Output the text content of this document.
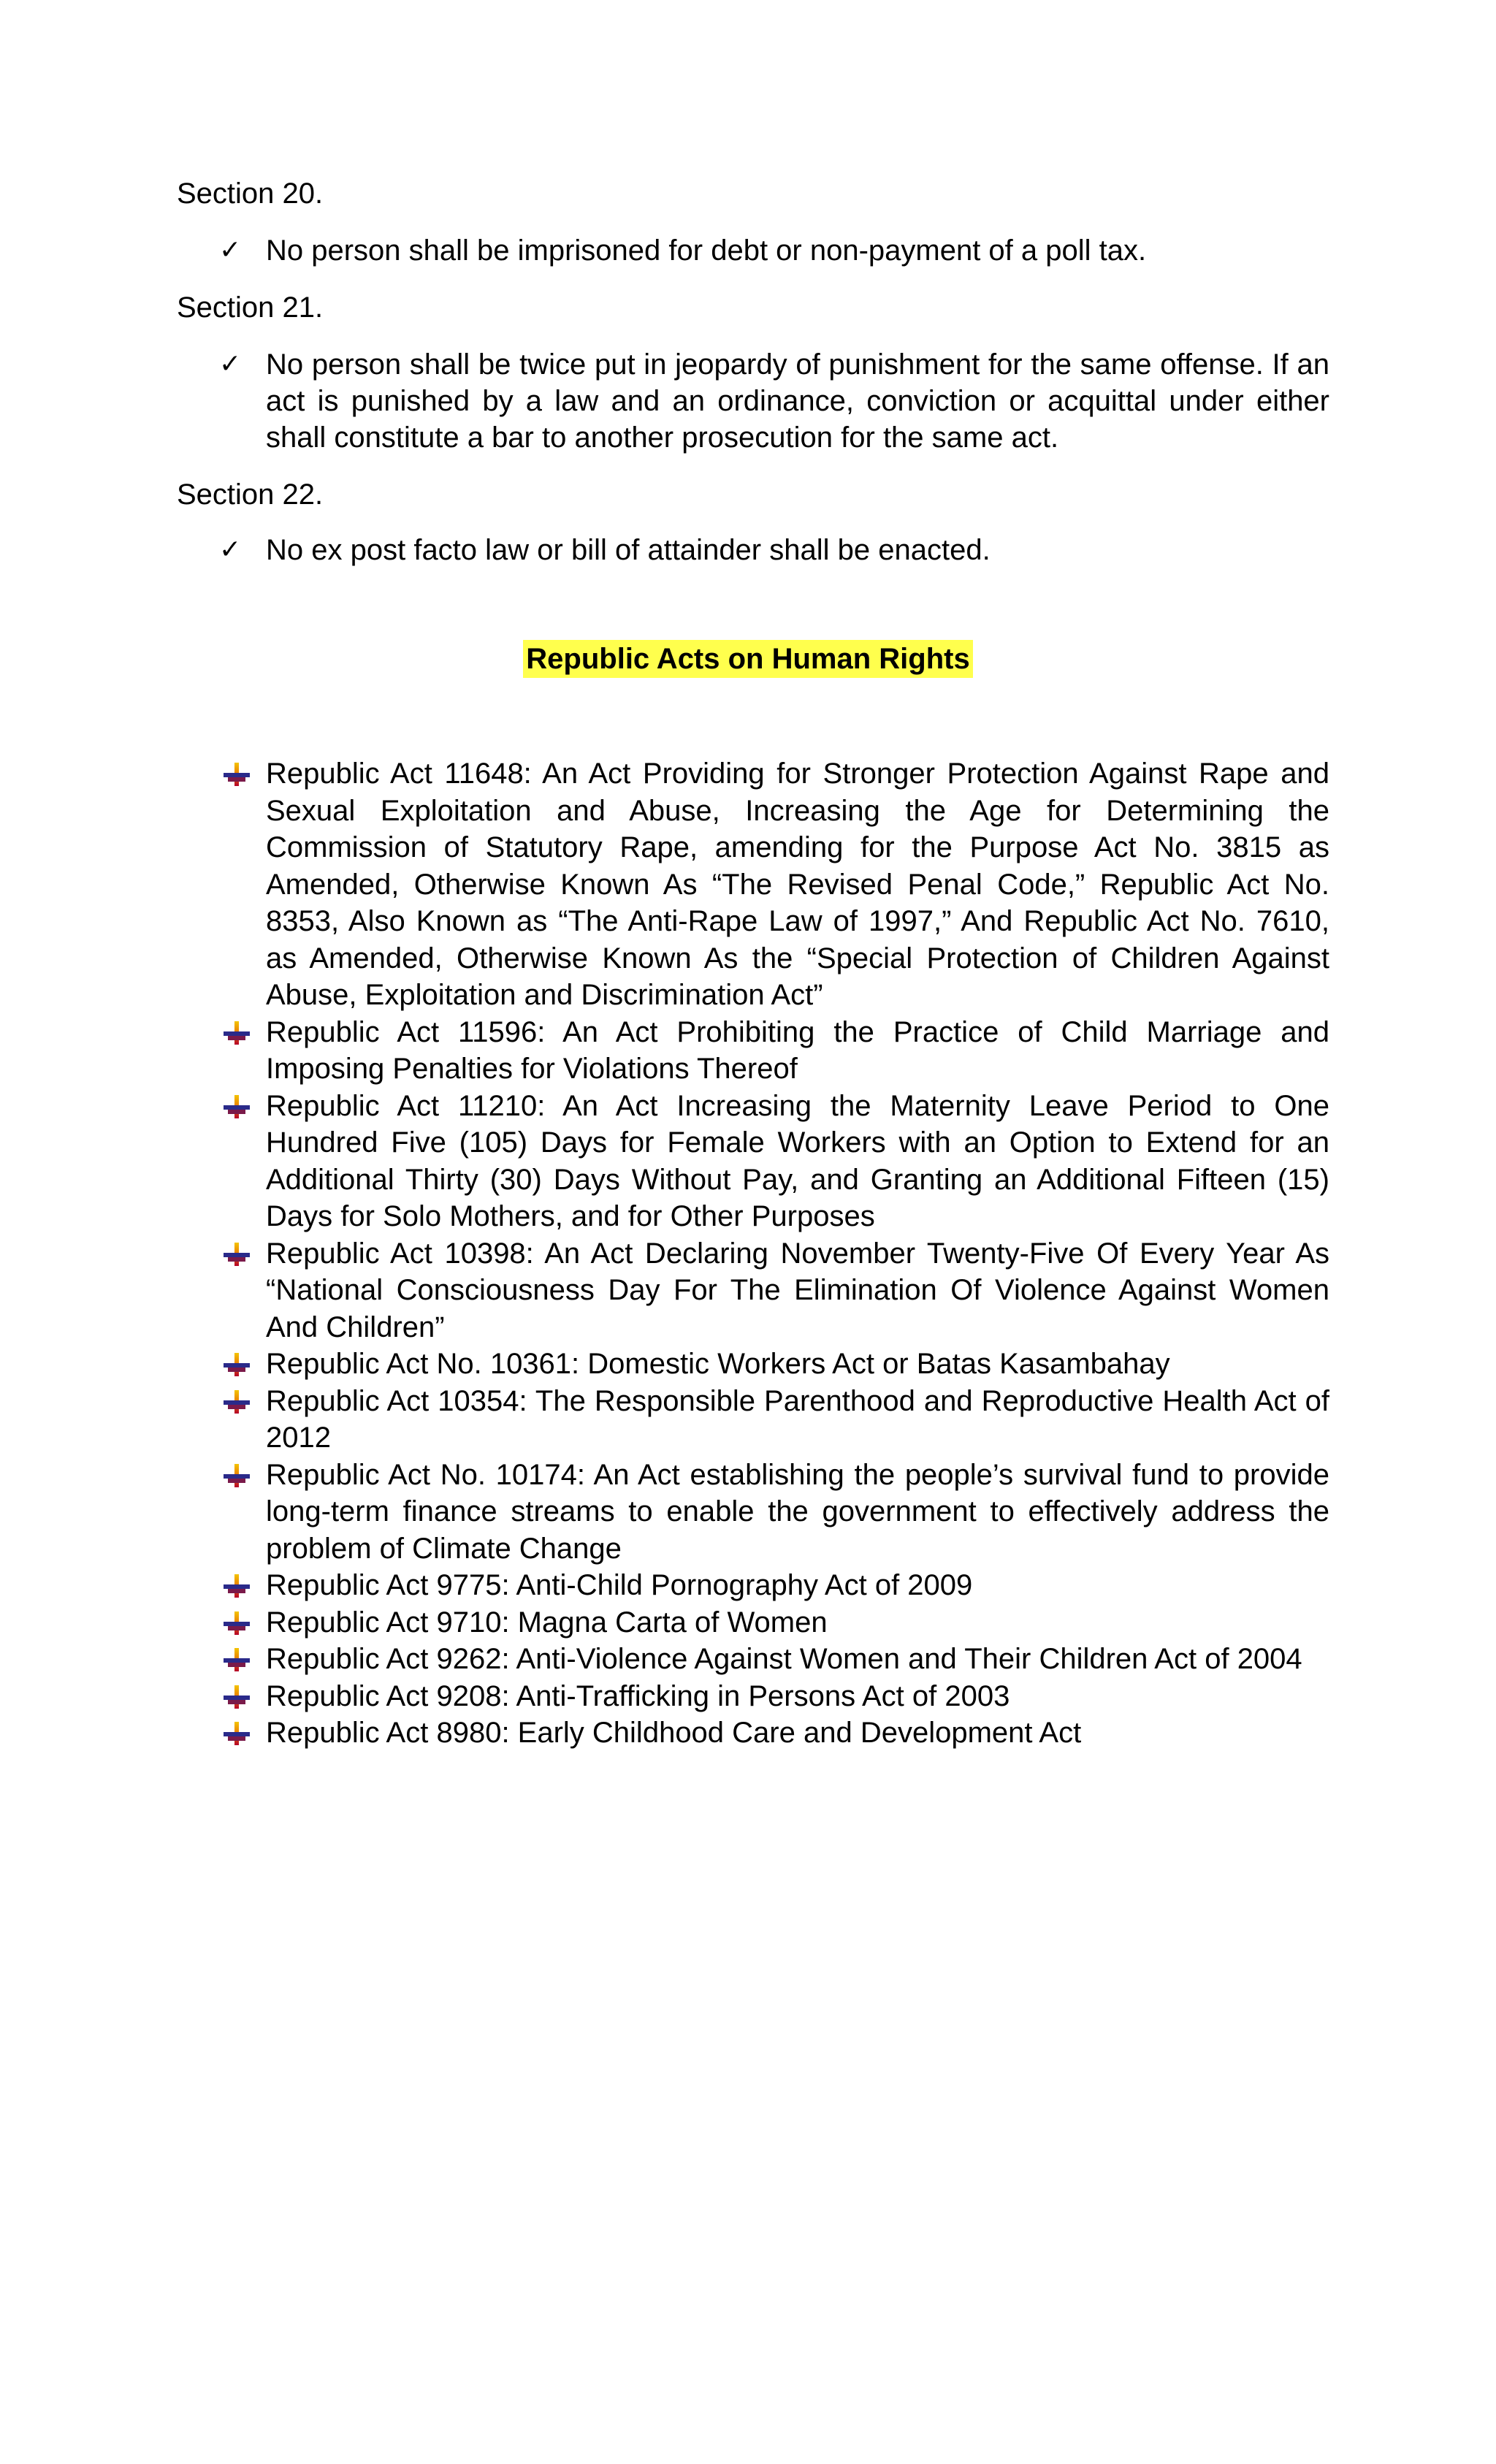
Section 20.

✓ No person shall be imprisoned for debt or non-payment of a poll tax.

Section 21.

✓ No person shall be twice put in jeopardy of punishment for the same offense. If an act is punished by a law and an ordinance, conviction or acquittal under either shall constitute a bar to another prosecution for the same act.

Section 22.

✓ No ex post facto law or bill of attainder shall be enacted.
Republic Acts on Human Rights
Republic Act 11648: An Act Providing for Stronger Protection Against Rape and Sexual Exploitation and Abuse, Increasing the Age for Determining the Commission of Statutory Rape, amending for the Purpose Act No. 3815 as Amended, Otherwise Known As “The Revised Penal Code,” Republic Act No. 8353, Also Known as “The Anti-Rape Law of 1997,” And Republic Act No. 7610, as Amended, Otherwise Known As the “Special Protection of Children Against Abuse, Exploitation and Discrimination Act”
Republic Act 11596: An Act Prohibiting the Practice of Child Marriage and Imposing Penalties for Violations Thereof
Republic Act 11210: An Act Increasing the Maternity Leave Period to One Hundred Five (105) Days for Female Workers with an Option to Extend for an Additional Thirty (30) Days Without Pay, and Granting an Additional Fifteen (15) Days for Solo Mothers, and for Other Purposes
Republic Act 10398: An Act Declaring November Twenty-Five Of Every Year As “National Consciousness Day For The Elimination Of Violence Against Women And Children”
Republic Act No. 10361: Domestic Workers Act or Batas Kasambahay
Republic Act 10354: The Responsible Parenthood and Reproductive Health Act of 2012
Republic Act No. 10174: An Act establishing the people’s survival fund to provide long-term finance streams to enable the government to effectively address the problem of Climate Change
Republic Act 9775: Anti-Child Pornography Act of 2009
Republic Act 9710: Magna Carta of Women
Republic Act 9262: Anti-Violence Against Women and Their Children Act of 2004
Republic Act 9208: Anti-Trafficking in Persons Act of 2003
Republic Act 8980: Early Childhood Care and Development Act
